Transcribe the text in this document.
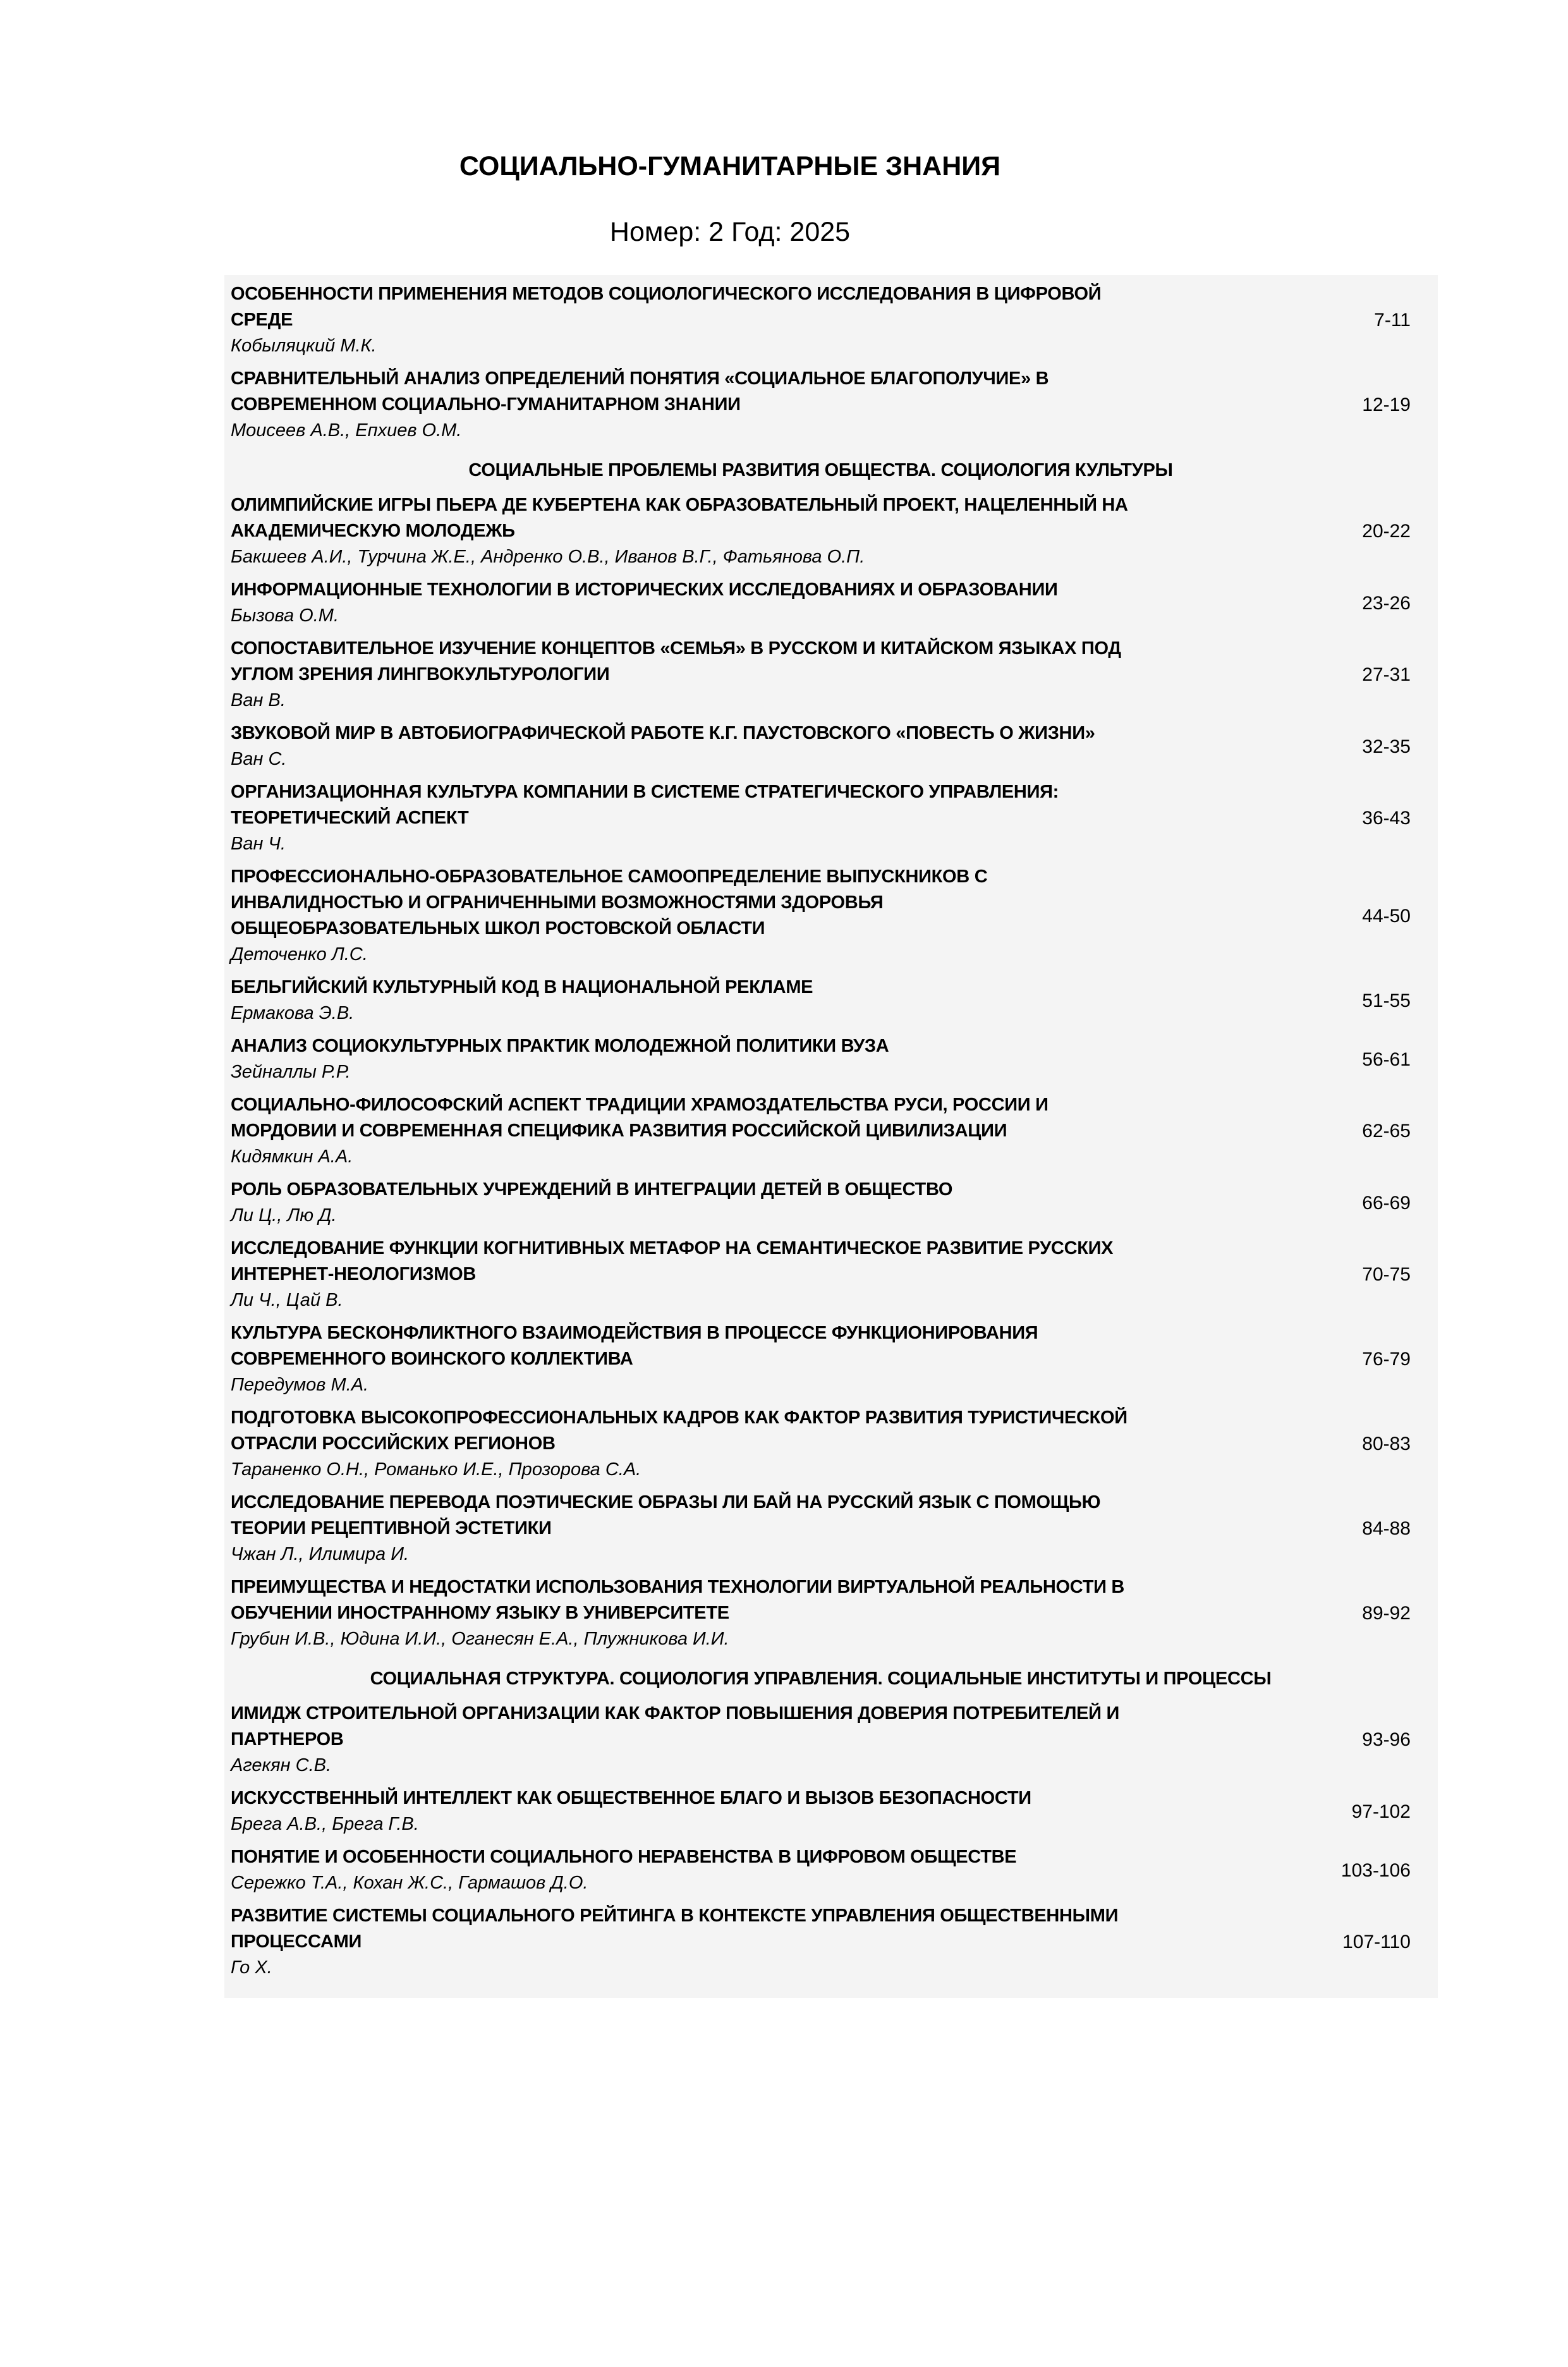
СОЦИАЛЬНО-ГУМАНИТАРНЫЕ ЗНАНИЯ

Номер: 2 Год: 2025

ОСОБЕННОСТИ ПРИМЕНЕНИЯ МЕТОДОВ СОЦИОЛОГИЧЕСКОГО ИССЛЕДОВАНИЯ В ЦИФРОВОЙ
СРЕДЕ
Кобыляцкий М.К.
7-11
СРАВНИТЕЛЬНЫЙ АНАЛИЗ ОПРЕДЕЛЕНИЙ ПОНЯТИЯ «СОЦИАЛЬНОЕ БЛАГОПОЛУЧИЕ» В
СОВРЕМЕННОМ СОЦИАЛЬНО-ГУМАНИТАРНОМ ЗНАНИИ
Моисеев А.В., Епхиев О.М.
12-19
СОЦИАЛЬНЫЕ ПРОБЛЕМЫ РАЗВИТИЯ ОБЩЕСТВА. СОЦИОЛОГИЯ КУЛЬТУРЫ
ОЛИМПИЙСКИЕ ИГРЫ ПЬЕРА ДЕ КУБЕРТЕНА КАК ОБРАЗОВАТЕЛЬНЫЙ ПРОЕКТ, НАЦЕЛЕННЫЙ НА
АКАДЕМИЧЕСКУЮ МОЛОДЕЖЬ
Бакшеев А.И., Турчина Ж.Е., Андренко О.В., Иванов В.Г., Фатьянова О.П.
20-22
ИНФОРМАЦИОННЫЕ ТЕХНОЛОГИИ В ИСТОРИЧЕСКИХ ИССЛЕДОВАНИЯХ И ОБРАЗОВАНИИ
Бызова О.М.
23-26
СОПОСТАВИТЕЛЬНОЕ ИЗУЧЕНИЕ КОНЦЕПТОВ «СЕМЬЯ» В РУССКОМ И КИТАЙСКОМ ЯЗЫКАХ ПОД
УГЛОМ ЗРЕНИЯ ЛИНГВОКУЛЬТУРОЛОГИИ
Ван В.
27-31
ЗВУКОВОЙ МИР В АВТОБИОГРАФИЧЕСКОЙ РАБОТЕ К.Г. ПАУСТОВСКОГО «ПОВЕСТЬ О ЖИЗНИ»
Ван С.
32-35
ОРГАНИЗАЦИОННАЯ КУЛЬТУРА КОМПАНИИ В СИСТЕМЕ СТРАТЕГИЧЕСКОГО УПРАВЛЕНИЯ:
ТЕОРЕТИЧЕСКИЙ АСПЕКТ
Ван Ч.
36-43
ПРОФЕССИОНАЛЬНО-ОБРАЗОВАТЕЛЬНОЕ САМООПРЕДЕЛЕНИЕ ВЫПУСКНИКОВ С
ИНВАЛИДНОСТЬЮ И ОГРАНИЧЕННЫМИ ВОЗМОЖНОСТЯМИ ЗДОРОВЬЯ
ОБЩЕОБРАЗОВАТЕЛЬНЫХ ШКОЛ РОСТОВСКОЙ ОБЛАСТИ
Деточенко Л.С.
44-50
БЕЛЬГИЙСКИЙ КУЛЬТУРНЫЙ КОД В НАЦИОНАЛЬНОЙ РЕКЛАМЕ
Ермакова Э.В.
51-55
АНАЛИЗ СОЦИОКУЛЬТУРНЫХ ПРАКТИК МОЛОДЕЖНОЙ ПОЛИТИКИ ВУЗА
Зейналлы Р.Р.
56-61
СОЦИАЛЬНО-ФИЛОСОФСКИЙ АСПЕКТ ТРАДИЦИИ ХРАМОЗДАТЕЛЬСТВА РУСИ, РОССИИ И
МОРДОВИИ И СОВРЕМЕННАЯ СПЕЦИФИКА РАЗВИТИЯ РОССИЙСКОЙ ЦИВИЛИЗАЦИИ
Кидямкин А.А.
62-65
РОЛЬ ОБРАЗОВАТЕЛЬНЫХ УЧРЕЖДЕНИЙ В ИНТЕГРАЦИИ ДЕТЕЙ В ОБЩЕСТВО
Ли Ц., Лю Д.
66-69
ИССЛЕДОВАНИЕ ФУНКЦИИ КОГНИТИВНЫХ МЕТАФОР НА СЕМАНТИЧЕСКОЕ РАЗВИТИЕ РУССКИХ
ИНТЕРНЕТ-НЕОЛОГИЗМОВ
Ли Ч., Цай В.
70-75
КУЛЬТУРА БЕСКОНФЛИКТНОГО ВЗАИМОДЕЙСТВИЯ В ПРОЦЕССЕ ФУНКЦИОНИРОВАНИЯ
СОВРЕМЕННОГО ВОИНСКОГО КОЛЛЕКТИВА
Передумов М.А.
76-79
ПОДГОТОВКА ВЫСОКОПРОФЕССИОНАЛЬНЫХ КАДРОВ КАК ФАКТОР РАЗВИТИЯ ТУРИСТИЧЕСКОЙ
ОТРАСЛИ РОССИЙСКИХ РЕГИОНОВ
Тараненко О.Н., Романько И.Е., Прозорова С.А.
80-83
ИССЛЕДОВАНИЕ ПЕРЕВОДА ПОЭТИЧЕСКИЕ ОБРАЗЫ ЛИ БАЙ НА РУССКИЙ ЯЗЫК С ПОМОЩЬЮ
ТЕОРИИ РЕЦЕПТИВНОЙ ЭСТЕТИКИ
Чжан Л., Илимира И.
84-88
ПРЕИМУЩЕСТВА И НЕДОСТАТКИ ИСПОЛЬЗОВАНИЯ ТЕХНОЛОГИИ ВИРТУАЛЬНОЙ РЕАЛЬНОСТИ В
ОБУЧЕНИИ ИНОСТРАННОМУ ЯЗЫКУ В УНИВЕРСИТЕТЕ
Грубин И.В., Юдина И.И., Оганесян Е.А., Плужникова И.И.
89-92
СОЦИАЛЬНАЯ СТРУКТУРА. СОЦИОЛОГИЯ УПРАВЛЕНИЯ. СОЦИАЛЬНЫЕ ИНСТИТУТЫ И ПРОЦЕССЫ
ИМИДЖ СТРОИТЕЛЬНОЙ ОРГАНИЗАЦИИ КАК ФАКТОР ПОВЫШЕНИЯ ДОВЕРИЯ ПОТРЕБИТЕЛЕЙ И
ПАРТНЕРОВ
Агекян С.В.
93-96
ИСКУССТВЕННЫЙ ИНТЕЛЛЕКТ КАК ОБЩЕСТВЕННОЕ БЛАГО И ВЫЗОВ БЕЗОПАСНОСТИ
Брега А.В., Брега Г.В.
97-102
ПОНЯТИЕ И ОСОБЕННОСТИ СОЦИАЛЬНОГО НЕРАВЕНСТВА В ЦИФРОВОМ ОБЩЕСТВЕ
Сережко Т.А., Кохан Ж.С., Гармашов Д.О.
103-106
РАЗВИТИЕ СИСТЕМЫ СОЦИАЛЬНОГО РЕЙТИНГА В КОНТЕКСТЕ УПРАВЛЕНИЯ ОБЩЕСТВЕННЫМИ
ПРОЦЕССАМИ
Го Х.
107-110
